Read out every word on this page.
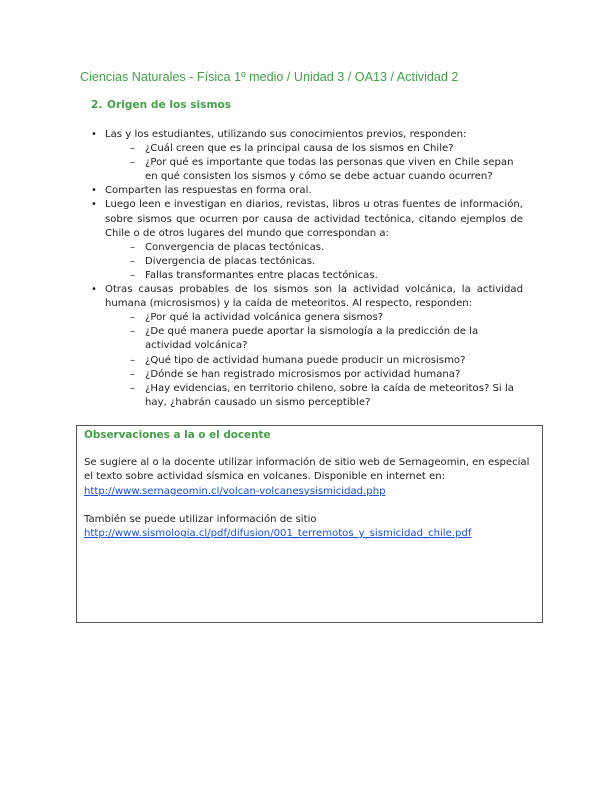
Ciencias Naturales - Física 1º medio / Unidad 3 / OA13 / Actividad 2
2. Origen de los sismos
• Las y los estudiantes, utilizando sus conocimientos previos, responden:
– ¿Cuál creen que es la principal causa de los sismos en Chile?
– ¿Por qué es importante que todas las personas que viven en Chile sepan en qué consisten los sismos y cómo se debe actuar cuando ocurren?
• Comparten las respuestas en forma oral.
• Luego leen e investigan en diarios, revistas, libros u otras fuentes de información, sobre sismos que ocurren por causa de actividad tectónica, citando ejemplos de Chile o de otros lugares del mundo que correspondan a:
– Convergencia de placas tectónicas.
– Divergencia de placas tectónicas.
– Fallas transformantes entre placas tectónicas.
• Otras causas probables de los sismos son la actividad volcánica, la actividad humana (microsismos) y la caída de meteoritos. Al respecto, responden:
– ¿Por qué la actividad volcánica genera sismos?
– ¿De qué manera puede aportar la sismología a la predicción de la actividad volcánica?
– ¿Qué tipo de actividad humana puede producir un microsismo?
– ¿Dónde se han registrado microsismos por actividad humana?
– ¿Hay evidencias, en territorio chileno, sobre la caída de meteoritos? Si la hay, ¿habrán causado un sismo perceptible?
Observaciones a la o el docente

Se sugiere al o la docente utilizar información de sitio web de Sernageomin, en especial el texto sobre actividad sísmica en volcanes. Disponible en internet en:

http://www.sernageomin.cl/volcan-volcanesysismicidad.php

También se puede utilizar información de sitio

http://www.sismologia.cl/pdf/difusion/001_terremotos_y_sismicidad_chile.pdf
